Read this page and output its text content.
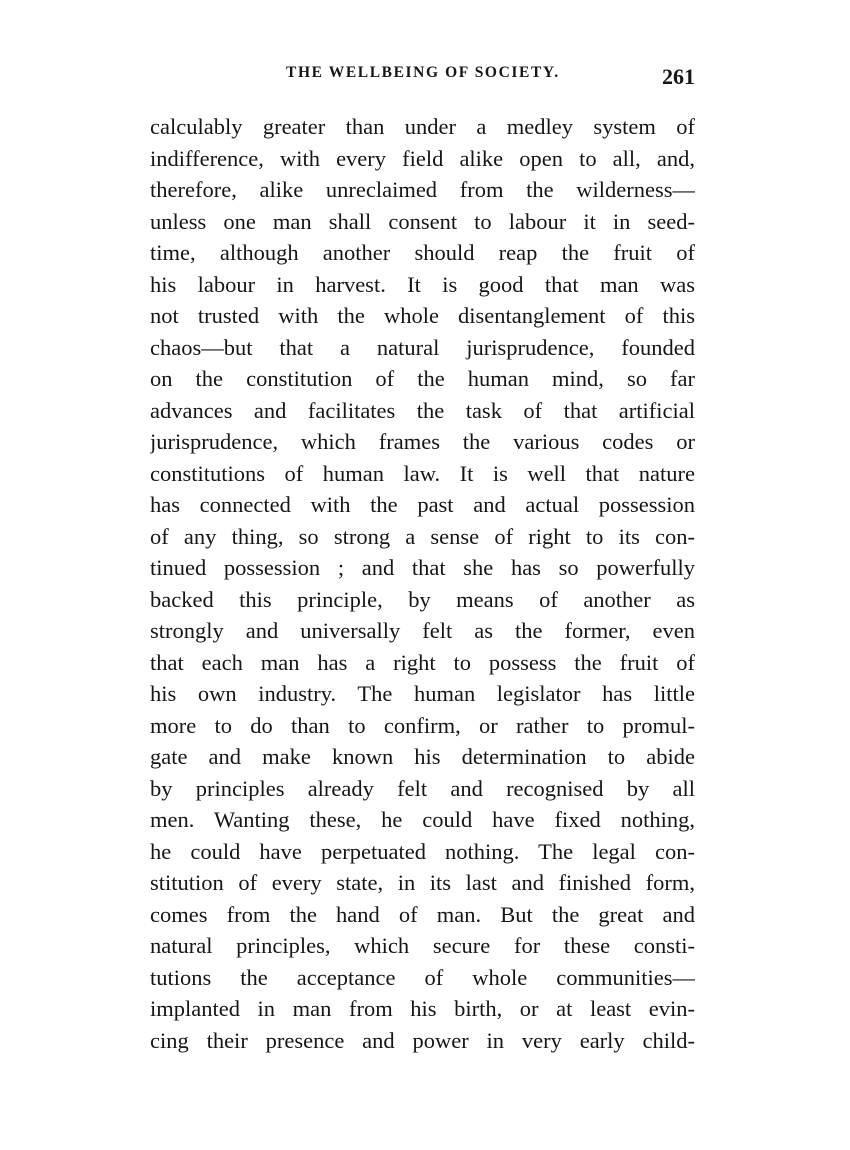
THE WELLBEING OF SOCIETY.	261
calculably greater than under a medley system of
indifference, with every field alike open to all, and,
therefore, alike unreclaimed from the wilderness—
unless one man shall consent to labour it in seed-
time, although another should reap the fruit of
his labour in harvest. It is good that man was
not trusted with the whole disentanglement of this
chaos—but that a natural jurisprudence, founded
on the constitution of the human mind, so far
advances and facilitates the task of that artificial
jurisprudence, which frames the various codes or
constitutions of human law. It is well that nature
has connected with the past and actual possession
of any thing, so strong a sense of right to its con-
tinued possession ; and that she has so powerfully
backed this principle, by means of another as
strongly and universally felt as the former, even
that each man has a right to possess the fruit of
his own industry. The human legislator has little
more to do than to confirm, or rather to promul-
gate and make known his determination to abide
by principles already felt and recognised by all
men. Wanting these, he could have fixed nothing,
he could have perpetuated nothing. The legal con-
stitution of every state, in its last and finished form,
comes from the hand of man. But the great and
natural principles, which secure for these consti-
tutions the acceptance of whole communities—
implanted in man from his birth, or at least evin-
cing their presence and power in very early child-
